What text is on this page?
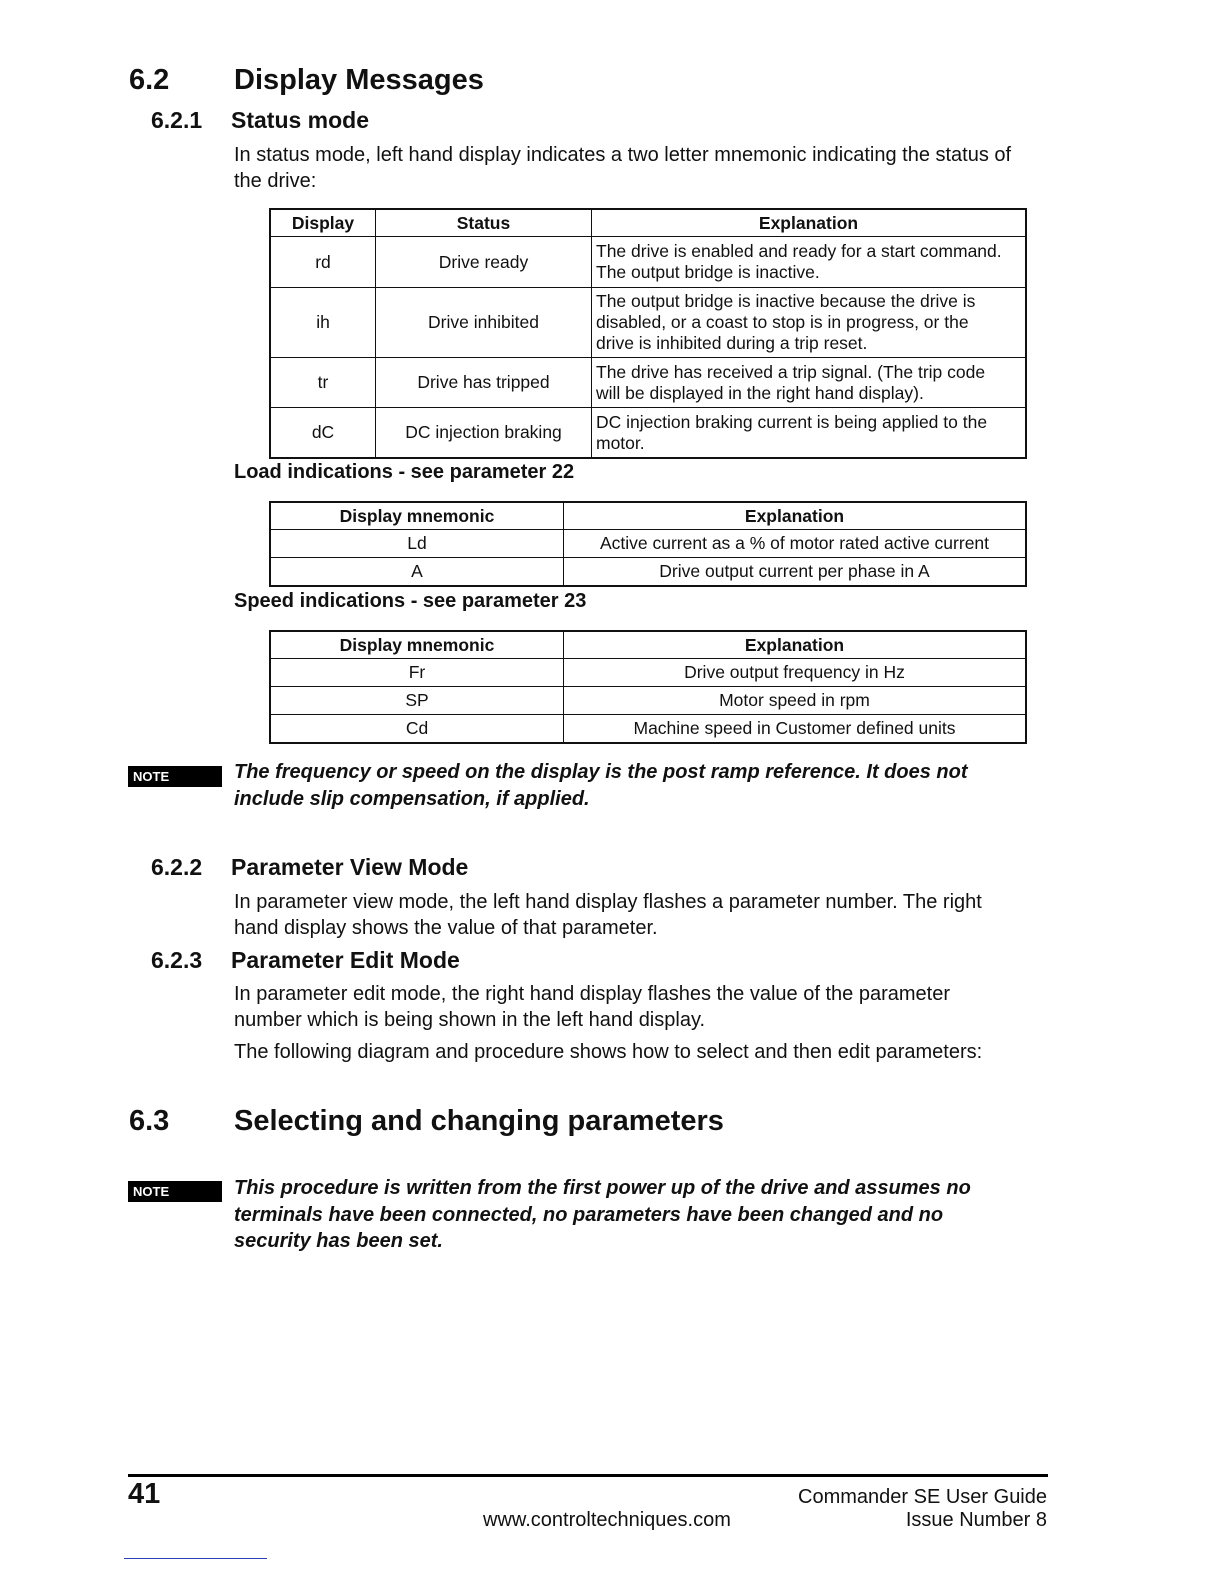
6.2 Display Messages
6.2.1 Status mode
In status mode, left hand display indicates a two letter mnemonic indicating the status of
the drive:
Display	Status	Explanation
rd	Drive ready	The drive is enabled and ready for a start command.
The output bridge is inactive.

ih	Drive inhibited	The output bridge is inactive because the drive is
disabled, or a coast to stop is in progress, or the
drive is inhibited during a trip reset.

tr	Drive has tripped	The drive has received a trip signal. (The trip code
will be displayed in the right hand display).

dC	DC injection braking	DC injection braking current is being applied to the
motor.
Load indications - see parameter 22
Display mnemonic	Explanation
Ld	Active current as a % of motor rated active current
A	Drive output current per phase in A
Speed indications - see parameter 23
Display mnemonic	Explanation
Fr	Drive output frequency in Hz
SP	Motor speed in rpm
Cd	Machine speed in Customer defined units
NOTE	The frequency or speed on the display is the post ramp reference. It does not
include slip compensation, if applied.
6.2.2 Parameter View Mode
In parameter view mode, the left hand display flashes a parameter number. The right
hand display shows the value of that parameter.
6.2.3 Parameter Edit Mode
In parameter edit mode, the right hand display flashes the value of the parameter
number which is being shown in the left hand display.
The following diagram and procedure shows how to select and then edit parameters:
6.3 Selecting and changing parameters
NOTE	This procedure is written from the first power up of the drive and assumes no
terminals have been connected, no parameters have been changed and no
security has been set.
41	Commander SE User Guide
www.controltechniques.com	Issue Number 8
